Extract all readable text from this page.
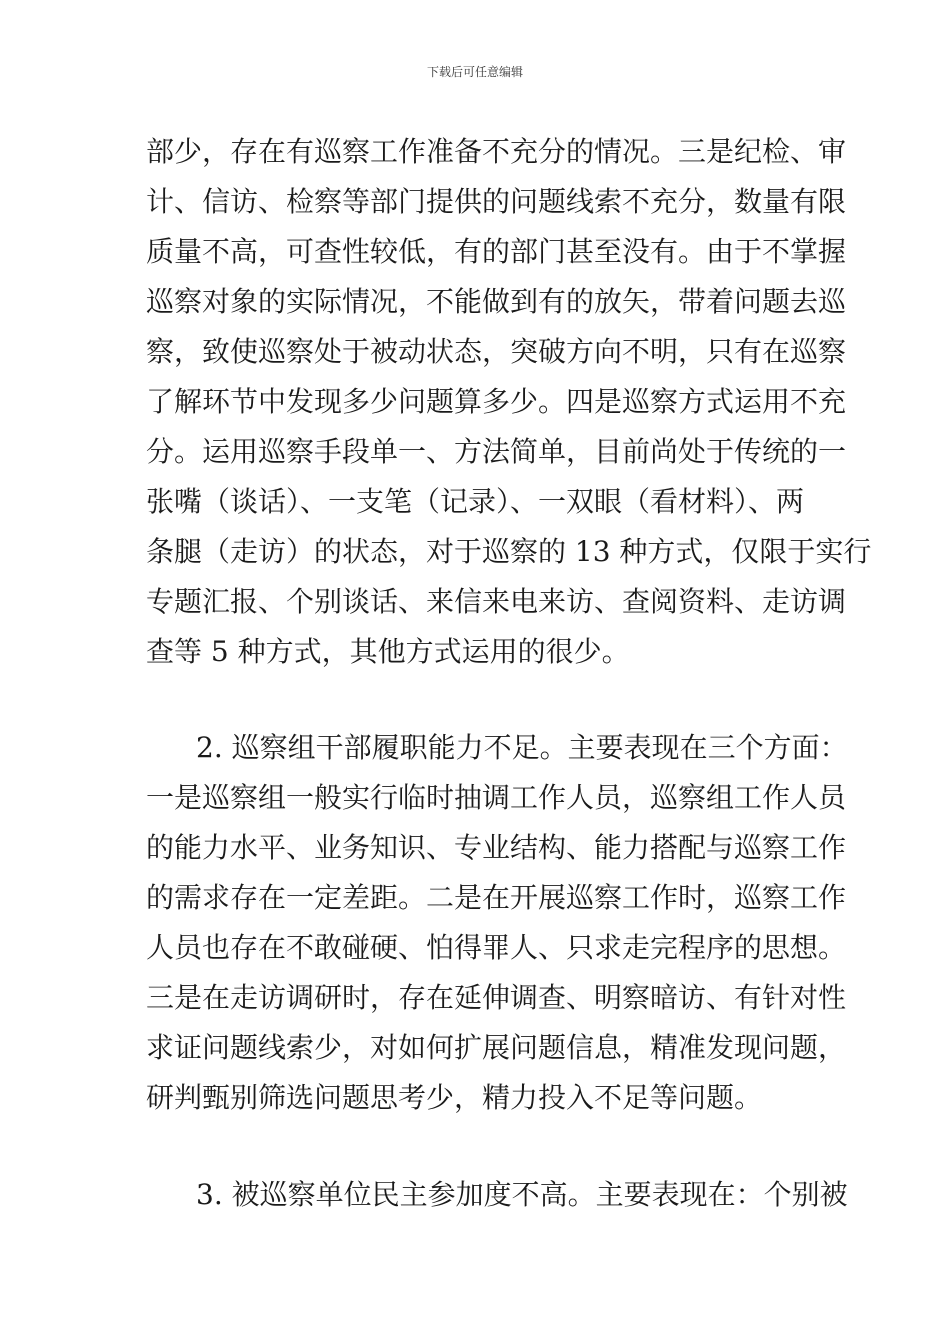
下载后可任意编辑
部少，存在有巡察工作准备不充分的情况。三是纪检、审
计、信访、检察等部门提供的问题线索不充分，数量有限
质量不高，可查性较低，有的部门甚至没有。由于不掌握
巡察对象的实际情况，不能做到有的放矢，带着问题去巡
察，致使巡察处于被动状态，突破方向不明，只有在巡察
了解环节中发现多少问题算多少。四是巡察方式运用不充
分。运用巡察手段单一、方法简单，目前尚处于传统的一
张嘴（谈话）、一支笔（记录）、一双眼（看材料）、两
条腿（走访）的状态，对于巡察的 13 种方式，仅限于实行
专题汇报、个别谈话、来信来电来访、查阅资料、走访调
查等 5 种方式，其他方式运用的很少。
2. 巡察组干部履职能力不足。主要表现在三个方面：
一是巡察组一般实行临时抽调工作人员，巡察组工作人员
的能力水平、业务知识、专业结构、能力搭配与巡察工作
的需求存在一定差距。二是在开展巡察工作时，巡察工作
人员也存在不敢碰硬、怕得罪人、只求走完程序的思想。
三是在走访调研时，存在延伸调查、明察暗访、有针对性
求证问题线索少，对如何扩展问题信息，精准发现问题，
研判甄别筛选问题思考少，精力投入不足等问题。
3. 被巡察单位民主参加度不高。主要表现在：个别被
